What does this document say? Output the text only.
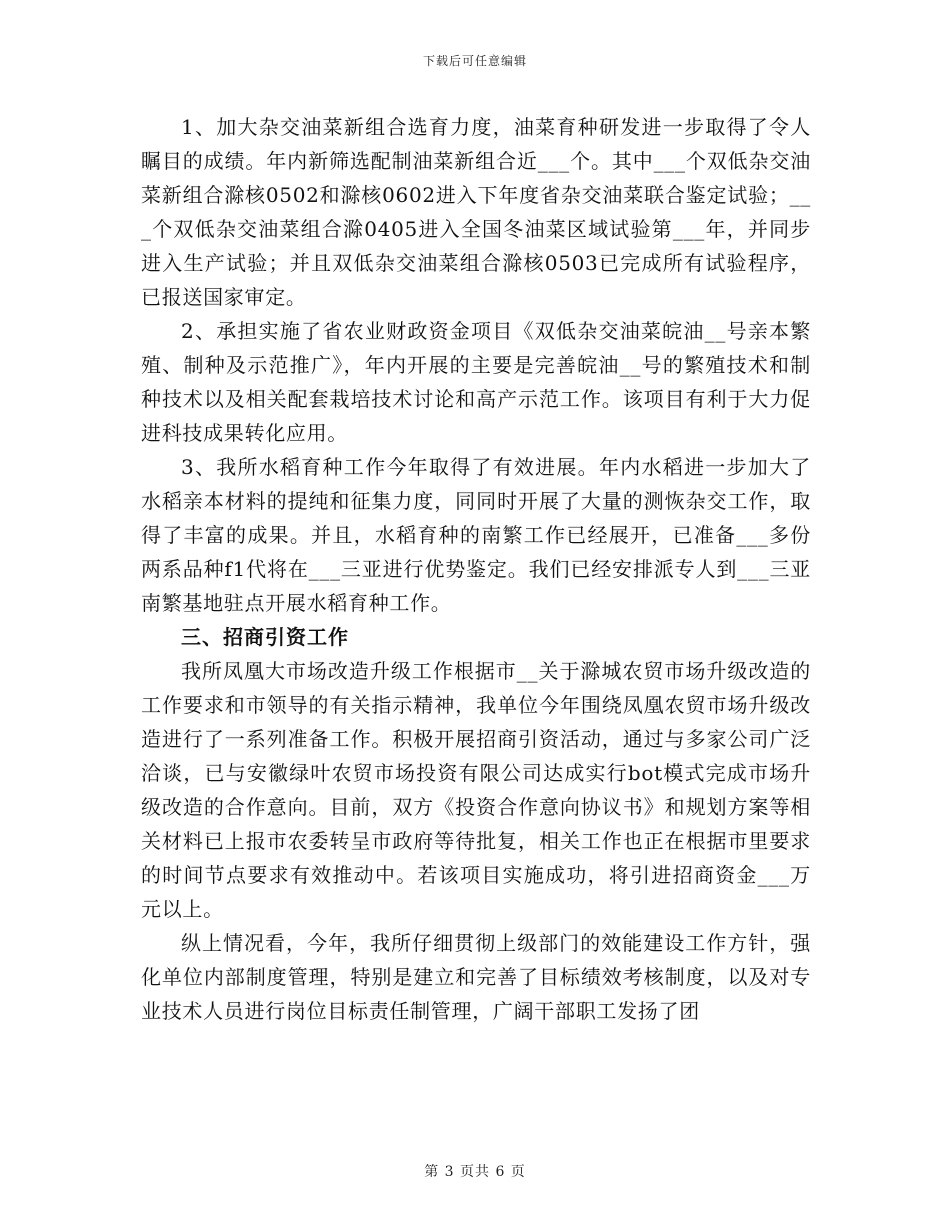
下载后可任意编辑

1、加大杂交油菜新组合选育力度，油菜育种研发进一步取得了令人瞩目的成绩。年内新筛选配制油菜新组合近___个。其中___个双低杂交油菜新组合滁核0502和滁核0602进入下年度省杂交油菜联合鉴定试验；___个双低杂交油菜组合滁0405进入全国冬油菜区域试验第___年，并同步进入生产试验；并且双低杂交油菜组合滁核0503已完成所有试验程序，已报送国家审定。

2、承担实施了省农业财政资金项目《双低杂交油菜皖油__号亲本繁殖、制种及示范推广》，年内开展的主要是完善皖油__号的繁殖技术和制种技术以及相关配套栽培技术讨论和高产示范工作。该项目有利于大力促进科技成果转化应用。

3、我所水稻育种工作今年取得了有效进展。年内水稻进一步加大了水稻亲本材料的提纯和征集力度，同同时开展了大量的测恢杂交工作，取得了丰富的成果。并且，水稻育种的南繁工作已经展开，已准备___多份两系品种f1代将在___三亚进行优势鉴定。我们已经安排派专人到___三亚南繁基地驻点开展水稻育种工作。

三、招商引资工作

我所凤凰大市场改造升级工作根据市__关于滁城农贸市场升级改造的工作要求和市领导的有关指示精神，我单位今年围绕凤凰农贸市场升级改造进行了一系列准备工作。积极开展招商引资活动，通过与多家公司广泛洽谈，已与安徽绿叶农贸市场投资有限公司达成实行bot模式完成市场升级改造的合作意向。目前，双方《投资合作意向协议书》和规划方案等相关材料已上报市农委转呈市政府等待批复，相关工作也正在根据市里要求的时间节点要求有效推动中。若该项目实施成功，将引进招商资金___万元以上。

纵上情况看，今年，我所仔细贯彻上级部门的效能建设工作方针，强化单位内部制度管理，特别是建立和完善了目标绩效考核制度，以及对专业技术人员进行岗位目标责任制管理，广阔干部职工发扬了团

第 3 页共 6 页
